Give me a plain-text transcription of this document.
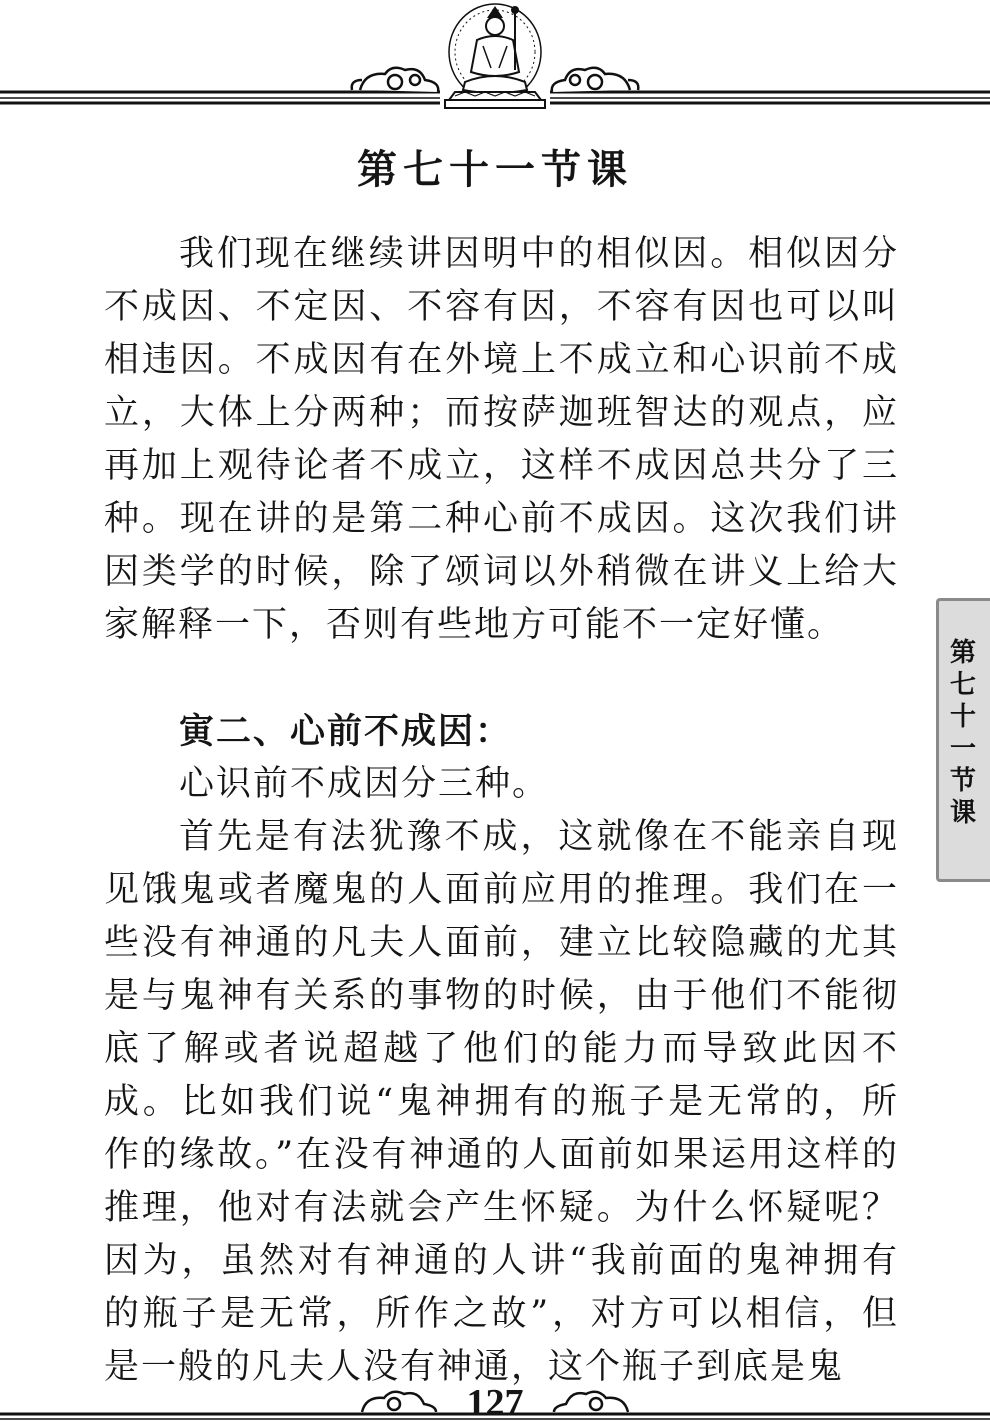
第七十一节课

我们现在继续讲因明中的相似因。相似因分不成因、不定因、不容有因，不容有因也可以叫相违因。不成因有在外境上不成立和心识前不成立，大体上分两种；而按萨迦班智达的观点，应再加上观待论者不成立，这样不成因总共分了三种。现在讲的是第二种心前不成因。这次我们讲因类学的时候，除了颂词以外稍微在讲义上给大家解释一下，否则有些地方可能不一定好懂。

寅二、心前不成因：

心识前不成因分三种。

首先是有法犹豫不成，这就像在不能亲自现见饿鬼或者魔鬼的人面前应用的推理。我们在一些没有神通的凡夫人面前，建立比较隐藏的尤其是与鬼神有关系的事物的时候，由于他们不能彻底了解或者说超越了他们的能力而导致此因不成。比如我们说“鬼神拥有的瓶子是无常的，所作的缘故。”在没有神通的人面前如果运用这样的推理，他对有法就会产生怀疑。为什么怀疑呢？因为，虽然对有神通的人讲“我前面的鬼神拥有的瓶子是无常，所作之故”，对方可以相信，但是一般的凡夫人没有神通，这个瓶子到底是鬼

第七十一节课
127
